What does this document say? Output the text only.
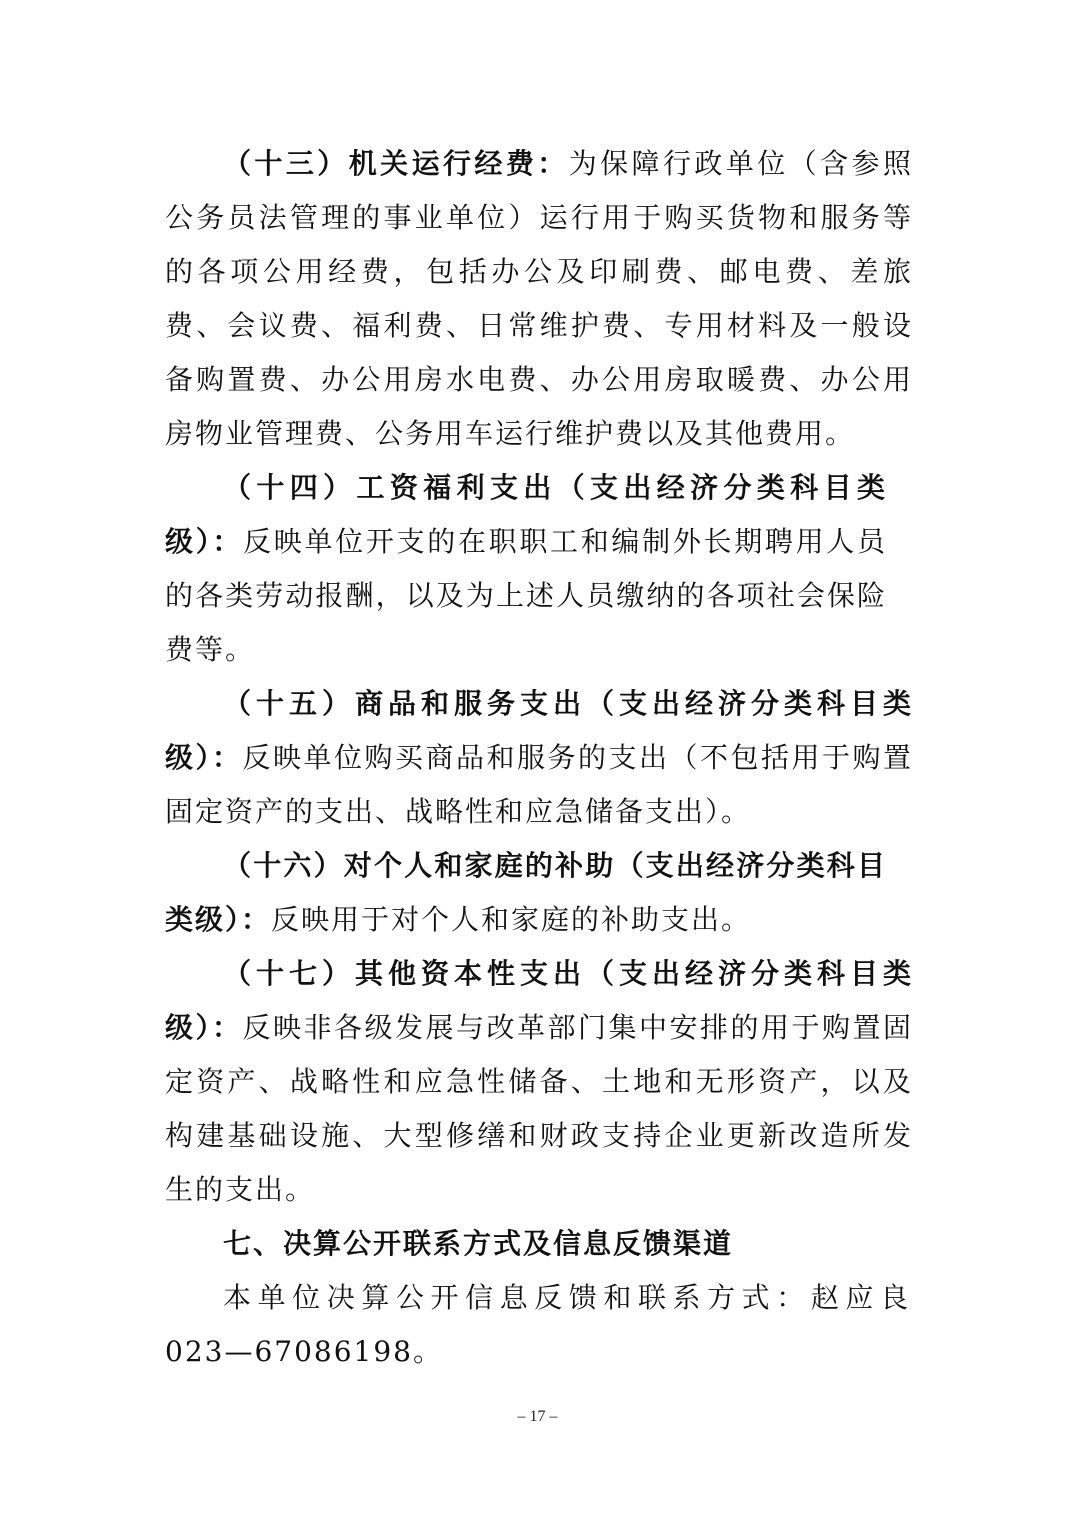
（十三）机关运行经费：为保障行政单位（含参照公务员法管理的事业单位）运行用于购买货物和服务等的各项公用经费，包括办公及印刷费、邮电费、差旅费、会议费、福利费、日常维护费、专用材料及一般设备购置费、办公用房水电费、办公用房取暖费、办公用房物业管理费、公务用车运行维护费以及其他费用。

（十四）工资福利支出（支出经济分类科目类级）：反映单位开支的在职职工和编制外长期聘用人员的各类劳动报酬，以及为上述人员缴纳的各项社会保险费等。

（十五）商品和服务支出（支出经济分类科目类级）：反映单位购买商品和服务的支出（不包括用于购置固定资产的支出、战略性和应急储备支出）。

（十六）对个人和家庭的补助（支出经济分类科目类级）：反映用于对个人和家庭的补助支出。

（十七）其他资本性支出（支出经济分类科目类级）：反映非各级发展与改革部门集中安排的用于购置固定资产、战略性和应急性储备、土地和无形资产，以及构建基础设施、大型修缮和财政支持企业更新改造所发生的支出。

七、决算公开联系方式及信息反馈渠道

本单位决算公开信息反馈和联系方式：赵应良

023—67086198。

– 17 –
